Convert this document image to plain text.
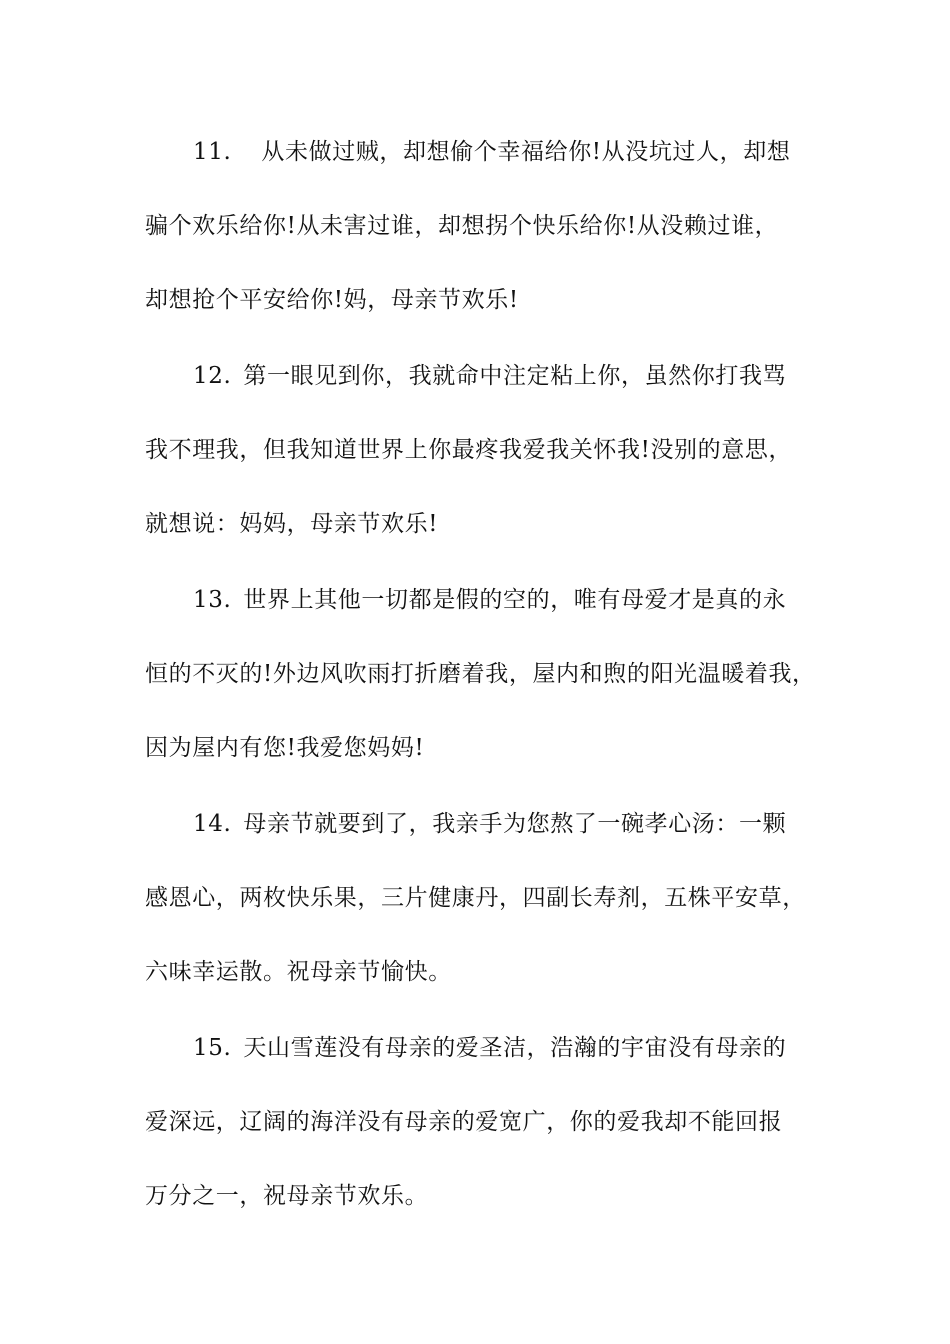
11. 从未做过贼，却想偷个幸福给你!从没坑过人，却想
骗个欢乐给你!从未害过谁，却想拐个快乐给你!从没赖过谁，
却想抢个平安给你!妈，母亲节欢乐!
12. 第一眼见到你，我就命中注定粘上你，虽然你打我骂
我不理我，但我知道世界上你最疼我爱我关怀我!没别的意思，
就想说：妈妈，母亲节欢乐!
13. 世界上其他一切都是假的空的，唯有母爱才是真的永
恒的不灭的!外边风吹雨打折磨着我，屋内和煦的阳光温暖着我，
因为屋内有您!我爱您妈妈!
14. 母亲节就要到了，我亲手为您熬了一碗孝心汤：一颗
感恩心，两枚快乐果，三片健康丹，四副长寿剂，五株平安草，
六味幸运散。祝母亲节愉快。
15. 天山雪莲没有母亲的爱圣洁，浩瀚的宇宙没有母亲的
爱深远，辽阔的海洋没有母亲的爱宽广，你的爱我却不能回报
万分之一，祝母亲节欢乐。
